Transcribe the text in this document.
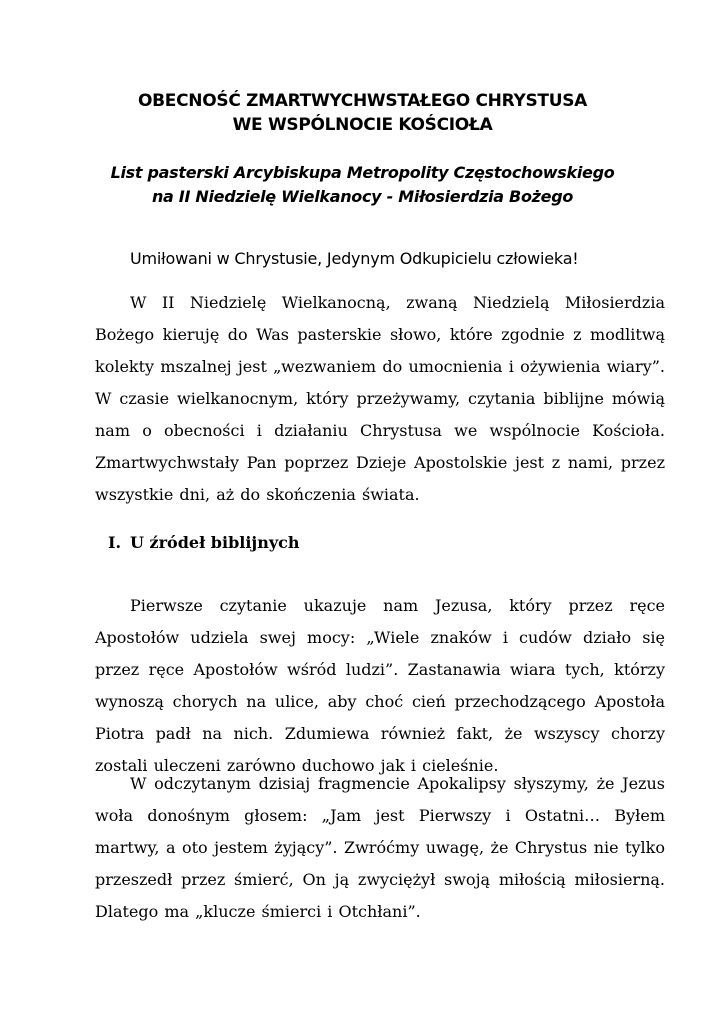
OBECNOŚĆ ZMARTWYCHWSTAŁEGO CHRYSTUSA
WE WSPÓLNOCIE KOŚCIOŁA
List pasterski Arcybiskupa Metropolity Częstochowskiego
na II Niedzielę Wielkanocy - Miłosierdzia Bożego
Umiłowani w Chrystusie, Jedynym Odkupicielu człowieka!

W II Niedzielę Wielkanocną, zwaną Niedzielą Miłosierdzia Bożego kieruję do Was pasterskie słowo, które zgodnie z modlitwą kolekty mszalnej jest „wezwaniem do umocnienia i ożywienia wiary”. W czasie wielkanocnym, który przeżywamy, czytania biblijne mówią nam o obecności i działaniu Chrystusa we wspólnocie Kościoła. Zmartwychwstały Pan poprzez Dzieje Apostolskie jest z nami, przez wszystkie dni, aż do skończenia świata.

I. U źródeł biblijnych

Pierwsze czytanie ukazuje nam Jezusa, który przez ręce Apostołów udziela swej mocy: „Wiele znaków i cudów działo się przez ręce Apostołów wśród ludzi”. Zastanawia wiara tych, którzy wynoszą chorych na ulice, aby choć cień przechodzącego Apostoła Piotra padł na nich. Zdumiewa również fakt, że wszyscy chorzy zostali uleczeni zarówno duchowo jak i cieleśnie.

W odczytanym dzisiaj fragmencie Apokalipsy słyszymy, że Jezus woła donośnym głosem: „Jam jest Pierwszy i Ostatni… Byłem martwy, a oto jestem żyjący”. Zwróćmy uwagę, że Chrystus nie tylko przeszedł przez śmierć, On ją zwyciężył swoją miłością miłosierną. Dlatego ma „klucze śmierci i Otchłani”.
